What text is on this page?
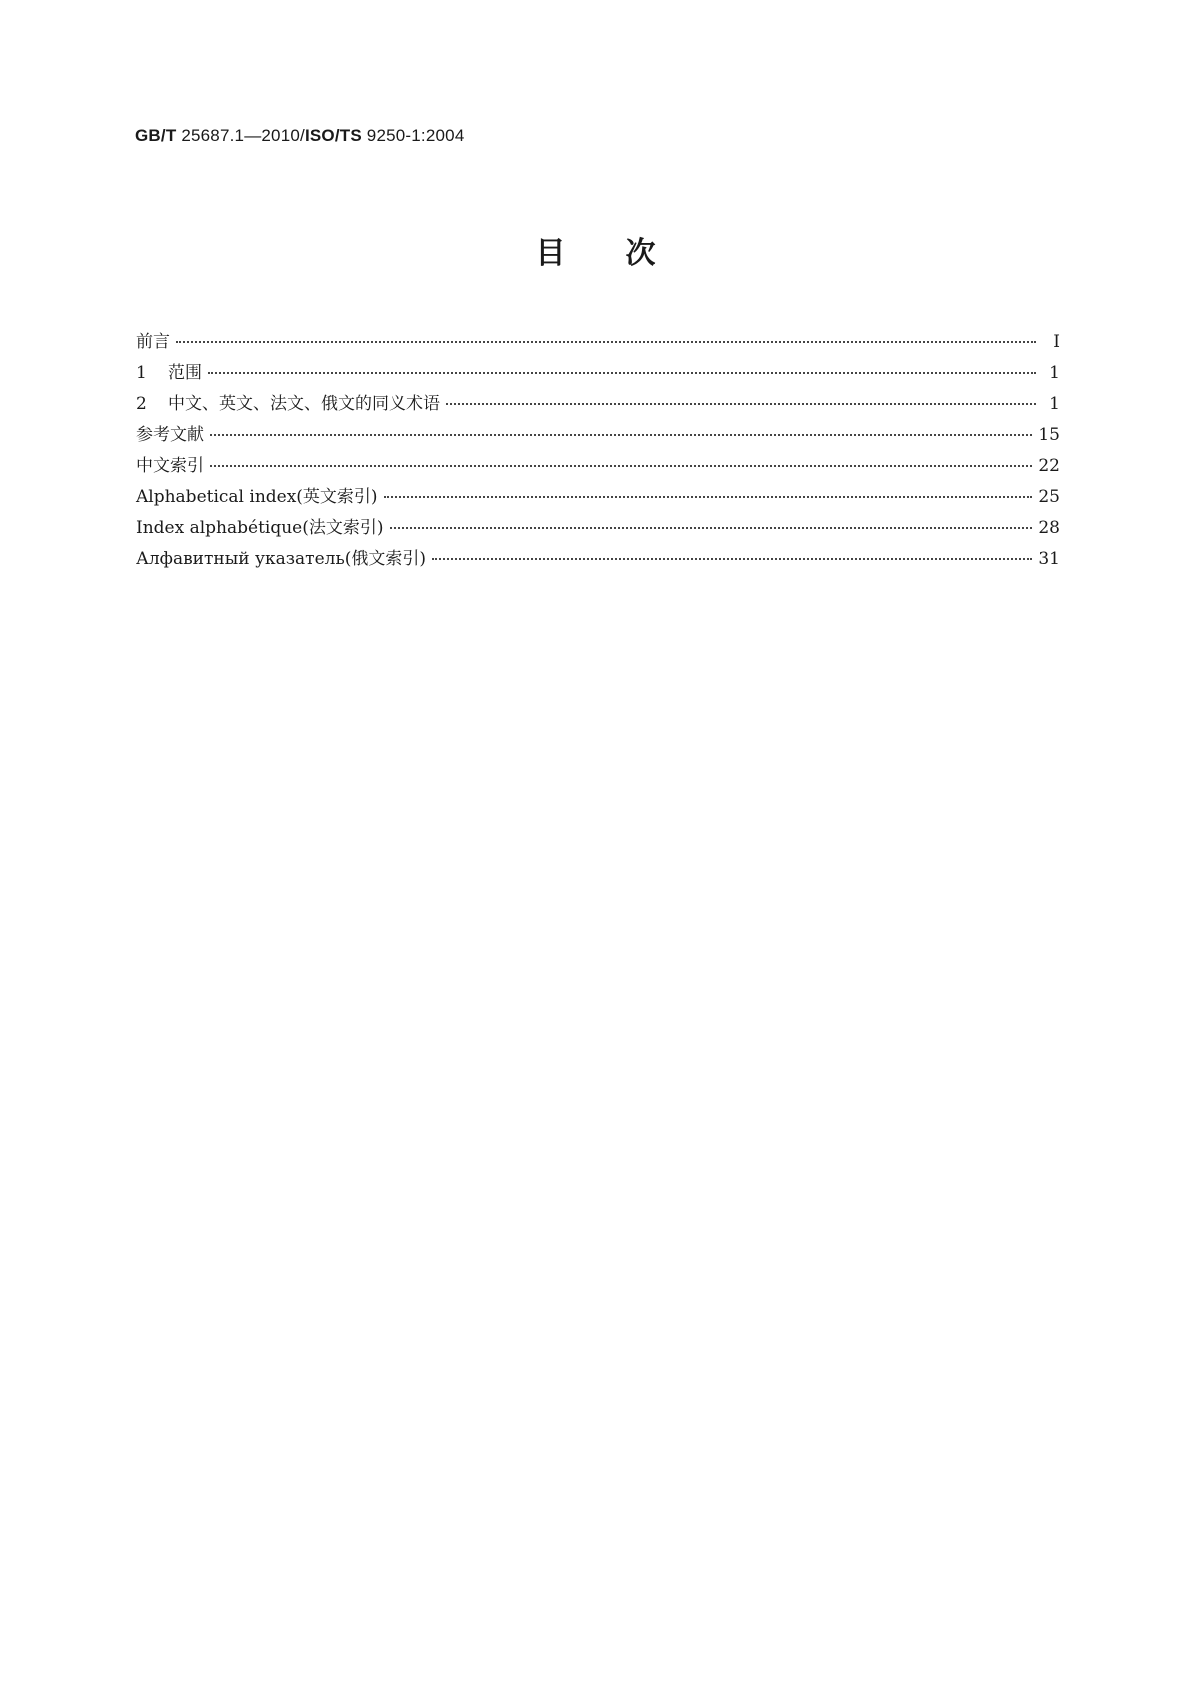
GB/T 25687.1—2010/ISO/TS 9250-1:2004
目 次
前言	I
1	范围	1
2	中文、英文、法文、俄文的同义术语	1
参考文献	15
中文索引	22
Alphabetical index(英文索引)	25
Index alphabétique(法文索引)	28
Алфавитный указатель(俄文索引)	31
